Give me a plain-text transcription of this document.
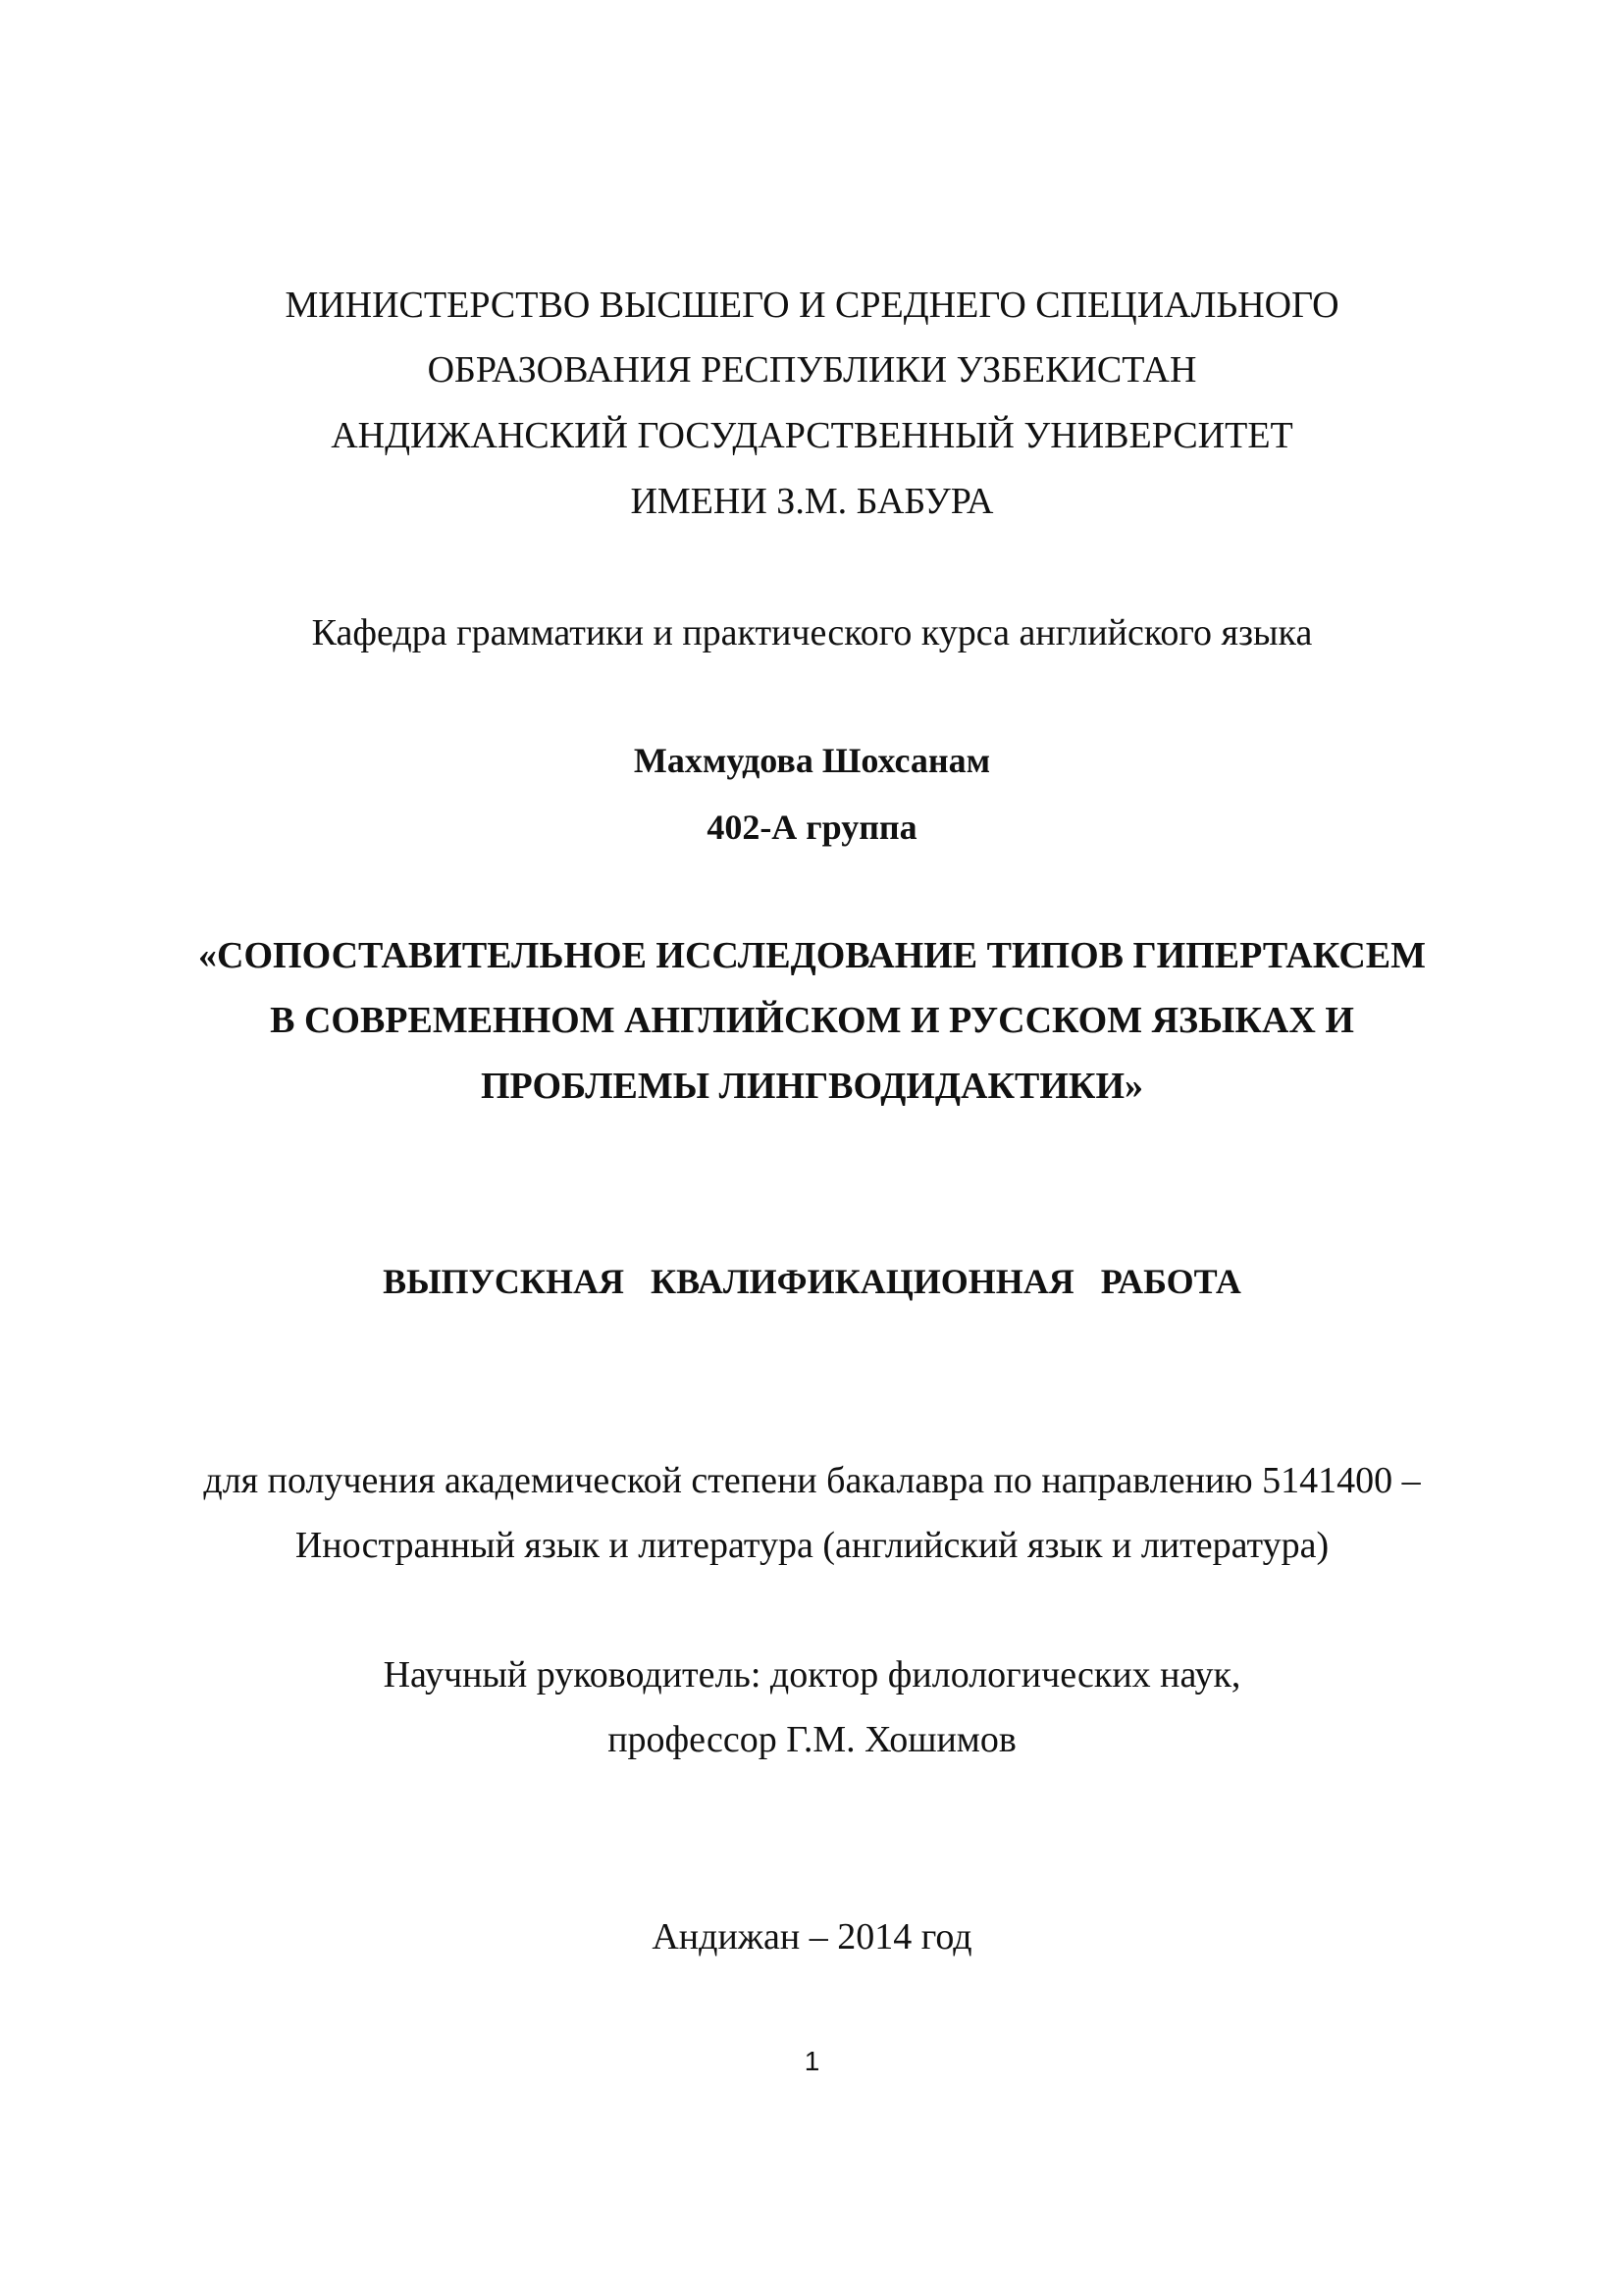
МИНИСТЕРСТВО ВЫСШЕГО И СРЕДНЕГО СПЕЦИАЛЬНОГО
ОБРАЗОВАНИЯ РЕСПУБЛИКИ УЗБЕКИСТАН
АНДИЖАНСКИЙ ГОСУДАРСТВЕННЫЙ УНИВЕРСИТЕТ
ИМЕНИ З.М. БАБУРА
Кафедра грамматики и практического курса английского языка
Махмудова Шохсанам
402-А группа
«СОПОСТАВИТЕЛЬНОЕ ИССЛЕДОВАНИЕ ТИПОВ ГИПЕРТАКСЕМ
В СОВРЕМЕННОМ АНГЛИЙСКОМ И РУССКОМ ЯЗЫКАХ И
ПРОБЛЕМЫ ЛИНГВОДИДАКТИКИ»
ВЫПУСКНАЯ КВАЛИФИКАЦИОННАЯ РАБОТА
для получения академической степени бакалавра по направлению 5141400 –
Иностранный язык и литература (английский язык и литература)
Научный руководитель: доктор филологических наук,
профессор Г.М. Хошимов
Андижан – 2014 год
1
